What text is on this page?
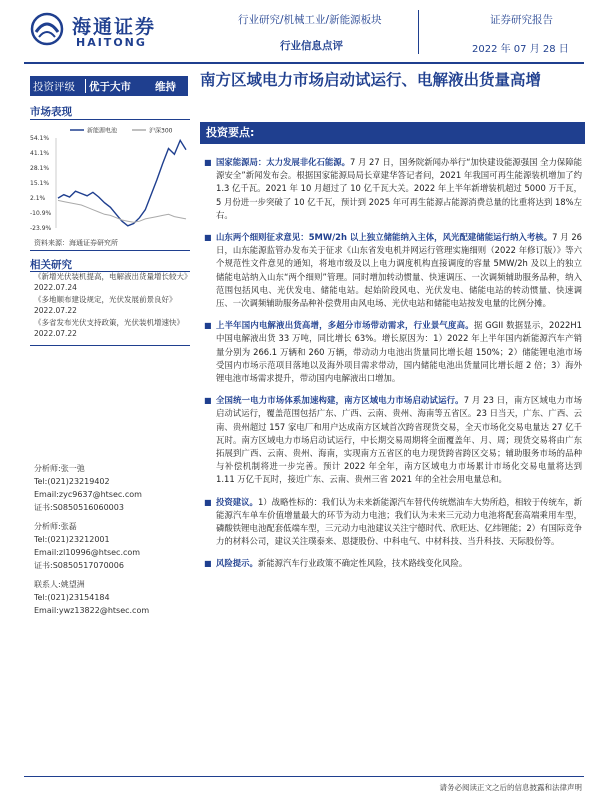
海通证券
HAITONG
行业研究/机械工业/新能源板块
行业信息点评
证券研究报告
2022 年 07 月 28 日
投资评级	优于大市	维持
市场表现
新能源电池	沪深300
54.1%
41.1%
28.1%
15.1%
2.1%
-10.9%
-23.9%
资料来源：海通证券研究所
相关研究
《新增光伏装机提高，电解液出货量增长较大》2022.07.24
《多地顺布建设规定，光伏发展前景良好》2022.07.22
《多省发布光伏支持政策，光伏装机增速快》2022.07.22
分析师:张一弛
Tel:(021)23219402
Email:zyc9637@htsec.com
证书:S0850516060003
分析师:张磊
Tel:(021)23212001
Email:zl10996@htsec.com
证书:S0850517070006
联系人:姚望洲
Tel:(021)23154184
Email:ywz13822@htsec.com
南方区域电力市场启动试运行、电解液出货量高增
投资要点:
■ 国家能源局：太力发展非化石能源。7 月 27 日，国务院新闻办举行“加快建设能源强国 全力保障能源安全”新闻发布会。根据国家能源局局长章建华答记者问，2021 年我国可再生能源装机增加了约 1.3 亿千瓦。2021 年 10 月超过了 10 亿千瓦大关。2022 年上半年新增装机超过 5000 万千瓦，5 月份进一步突破了 10 亿千瓦，预计到 2025 年可再生能源占能源消费总量的比重将达到 18%左右。
■ 山东两个细则征求意见：5MW/2h 以上独立储能纳入主体，风光配建储能运行纳入考核。7 月 26 日，山东能源监管办发布关于征求《山东省发电机并网运行管理实施细则（2022 年修订版）》等六个规范性文件意见的通知，将地市级及以上电力调度机构直接调度的容量 5MW/2h 及以上的独立储能电站纳入山东“两个细则”管理。同时增加转动惯量、快速调压、一次调频辅助服务品种，纳入范围包括风电、光伏发电、储能电站。起始阶段风电、光伏发电、储能电站的转动惯量、快速调压、一次调频辅助服务品种补偿费用由风电场、光伏电站和储能电站按发电量的比例分摊。
■ 上半年国内电解液出货高增，多超分市场带动需求，行业景气度高。据 GGII 数据显示，2022H1 中国电解液出货 33 万吨，同比增长 63%。增长原因为：1）2022 年上半年国内新能源汽车产销量分别为 266.1 万辆和 260 万辆，带动动力电池出货量同比增长超 150%；2）储能锂电池市场受国内市场示范项目落地以及海外项目需求带动，国内储能电池出货量同比增长超 2 倍；3）海外锂电池市场需求提升，带动国内电解液出口增加。
■ 全国统一电力市场体系加速构建，南方区域电力市场启动试运行。7 月 23 日，南方区域电力市场启动试运行，覆盖范围包括广东、广西、云南、贵州、海南等五省区。23 日当天，广东、广西、云南、贵州超过 157 家电厂和用户达成南方区域首次跨省现货交易，全天市场化交易电量达 27 亿千瓦时。南方区域电力市场启动试运行，中长期交易周期将全面覆盖年、月、周；现货交易将由广东拓展到广西、云南、贵州、海南，实现南方五省区的电力现货跨省跨区交易；辅助服务市场的品种与补偿机制将进一步完善。预计 2022 年全年，南方区域电力市场累计市场化交易电量将达到 1.11 万亿千瓦时，接近广东、云南、贵州三省 2021 年的全社会用电量总和。
■ 投资建议。1）战略性标的：我们认为未来新能源汽车替代传统燃油车大势所趋，相较于传统车，新能源汽车单车价值增量最大的环节为动力电池；我们认为未来三元动力电池将配套高端乘用车型，磷酸铁锂电池配套低端车型，三元动力电池建议关注宁德时代、欣旺达、亿纬锂能；2）有国际竞争力的材料公司，建议关注璞泰来、恩捷股份、中科电气、中材科技、当升科技、天际股份等。
■ 风险提示。新能源汽车行业政策不确定性风险，技术路线变化风险。
请务必阅读正文之后的信息披露和法律声明
